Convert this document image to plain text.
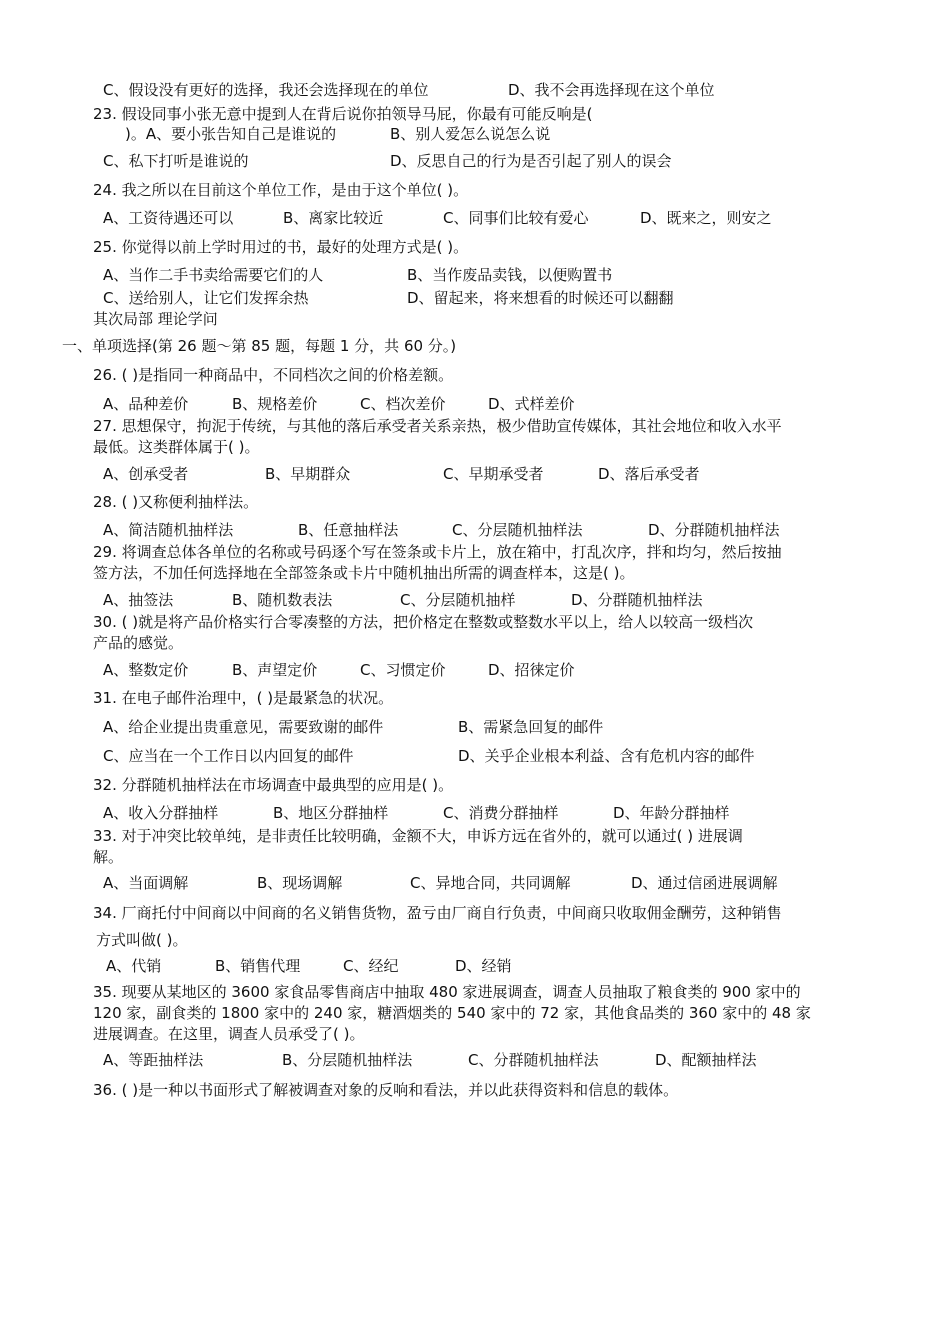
C、假设没有更好的选择，我还会选择现在的单位	D、我不会再选择现在这个单位
23. 假设同事小张无意中提到人在背后说你拍领导马屁，你最有可能反响是(
)。A、要小张告知自己是谁说的	B、别人爱怎么说怎么说
C、私下打听是谁说的	D、反思自己的行为是否引起了别人的误会
24. 我之所以在目前这个单位工作，是由于这个单位( )。
A、工资待遇还可以	B、离家比较近	C、同事们比较有爱心	D、既来之，则安之
25. 你觉得以前上学时用过的书，最好的处理方式是( )。
A、当作二手书卖给需要它们的人	B、当作废品卖钱，以便购置书
C、送给别人，让它们发挥余热	D、留起来，将来想看的时候还可以翻翻
其次局部 理论学问
一、单项选择(第 26 题～第 85 题，每题 1 分，共 60 分。)
26. ( )是指同一种商品中，不同档次之间的价格差额。
A、品种差价	B、规格差价	C、档次差价	D、式样差价
27. 思想保守，拘泥于传统，与其他的落后承受者关系亲热，极少借助宣传媒体，其社会地位和收入水平
最低。这类群体属于( )。
A、创承受者	B、早期群众	C、早期承受者	D、落后承受者
28. ( )又称便利抽样法。
A、简洁随机抽样法	B、任意抽样法	C、分层随机抽样法	D、分群随机抽样法
29. 将调查总体各单位的名称或号码逐个写在签条或卡片上，放在箱中，打乱次序，拌和均匀，然后按抽
签方法，不加任何选择地在全部签条或卡片中随机抽出所需的调查样本，这是( )。
A、抽签法	B、随机数表法	C、分层随机抽样	D、分群随机抽样法
30. ( )就是将产品价格实行合零凑整的方法，把价格定在整数或整数水平以上，给人以较高一级档次
产品的感觉。
A、整数定价	B、声望定价	C、习惯定价	D、招徕定价
31. 在电子邮件治理中，( )是最紧急的状况。
A、给企业提出贵重意见，需要致谢的邮件	B、需紧急回复的邮件
C、应当在一个工作日以内回复的邮件	D、关乎企业根本利益、含有危机内容的邮件
32. 分群随机抽样法在市场调查中最典型的应用是( )。
A、收入分群抽样	B、地区分群抽样	C、消费分群抽样	D、年龄分群抽样
33. 对于冲突比较单纯，是非责任比较明确，金额不大，申诉方远在省外的，就可以通过( ) 进展调
解。
A、当面调解	B、现场调解	C、异地合同，共同调解	D、通过信函进展调解
34. 厂商托付中间商以中间商的名义销售货物，盈亏由厂商自行负责，中间商只收取佣金酬劳，这种销售
方式叫做( )。
A、代销	B、销售代理	C、经纪	D、经销
35. 现要从某地区的 3600 家食品零售商店中抽取 480 家进展调查，调查人员抽取了粮食类的 900 家中的
120 家，副食类的 1800 家中的 240 家，糖酒烟类的 540 家中的 72 家，其他食品类的 360 家中的 48 家
进展调查。在这里，调查人员承受了( )。
A、等距抽样法	B、分层随机抽样法	C、分群随机抽样法	D、配额抽样法
36. ( )是一种以书面形式了解被调查对象的反响和看法，并以此获得资料和信息的载体。
